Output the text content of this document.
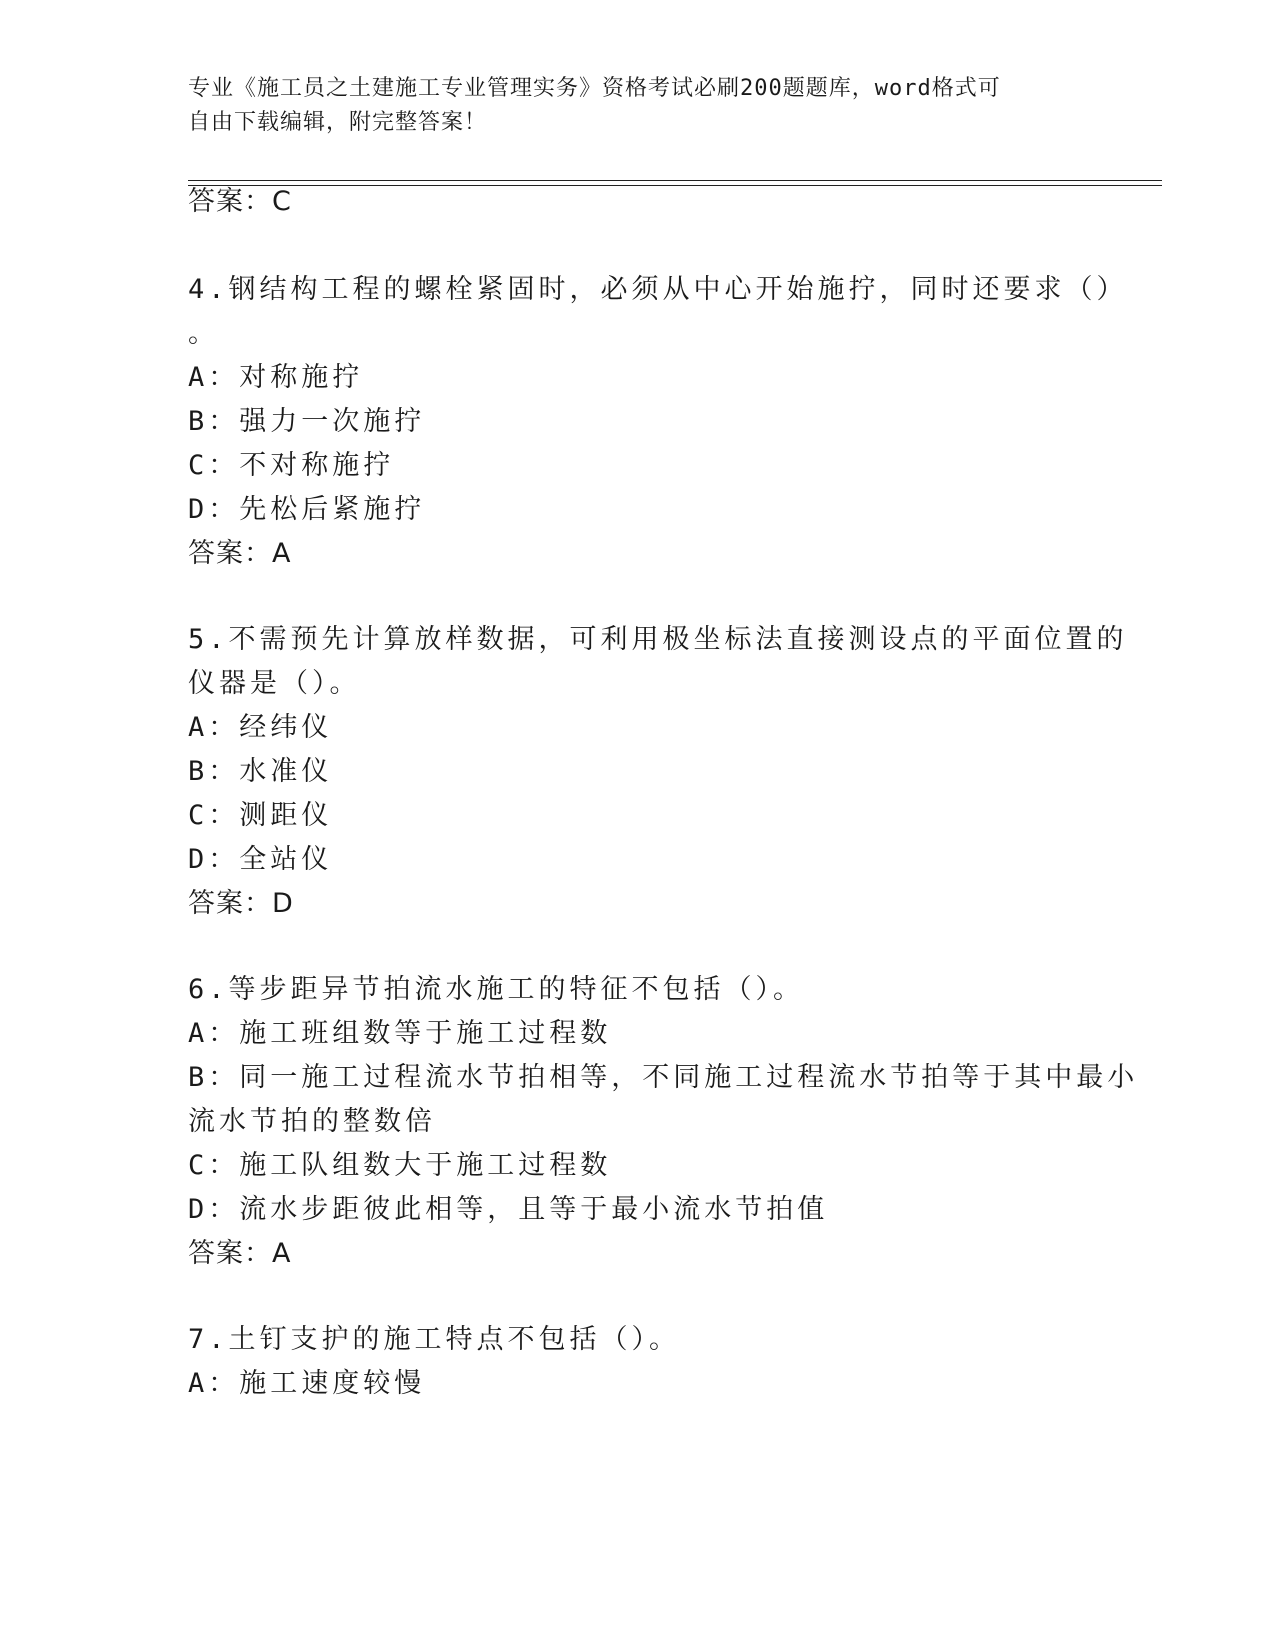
专业《施工员之土建施工专业管理实务》资格考试必刷200题题库，word格式可
自由下载编辑，附完整答案！
答案：C
4.钢结构工程的螺栓紧固时，必须从中心开始施拧，同时还要求（）
。
A：对称施拧
B：强力一次施拧
C：不对称施拧
D：先松后紧施拧
答案：A
5.不需预先计算放样数据，可利用极坐标法直接测设点的平面位置的
仪器是（）。
A：经纬仪
B：水准仪
C：测距仪
D：全站仪
答案：D
6.等步距异节拍流水施工的特征不包括（）。
A：施工班组数等于施工过程数
B：同一施工过程流水节拍相等，不同施工过程流水节拍等于其中最小
流水节拍的整数倍
C：施工队组数大于施工过程数
D：流水步距彼此相等，且等于最小流水节拍值
答案：A
7.土钉支护的施工特点不包括（）。
A：施工速度较慢
